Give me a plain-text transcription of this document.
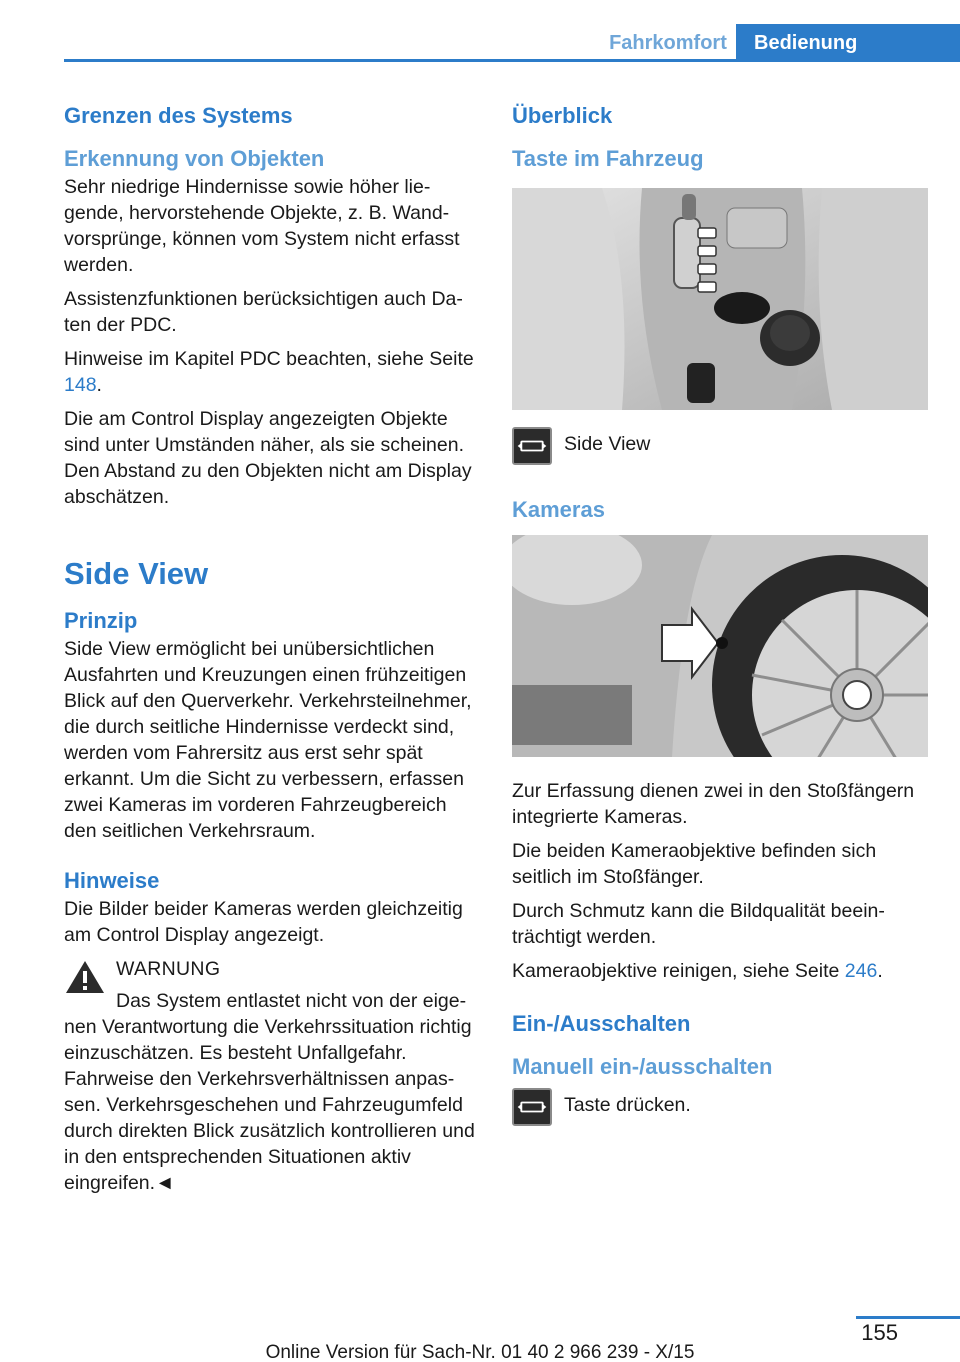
Fahrkomfort	Bedienung
Grenzen des Systems
Erkennung von Objekten

Sehr niedrige Hindernisse sowie höher liegende, hervorstehende Objekte, z. B. Wandvorsprünge, können vom System nicht erfasst werden.

Assistenzfunktionen berücksichtigen auch Daten der PDC.

Hinweise im Kapitel PDC beachten, siehe Seite 148.

Die am Control Display angezeigten Objekte sind unter Umständen näher, als sie scheinen. Den Abstand zu den Objekten nicht am Display abschätzen.

Side View
Prinzip

Side View ermöglicht bei unübersichtlichen Ausfahrten und Kreuzungen einen frühzeitigen Blick auf den Querverkehr. Verkehrsteilnehmer, die durch seitliche Hindernisse verdeckt sind, werden vom Fahrersitz aus erst sehr spät erkannt. Um die Sicht zu verbessern, erfassen zwei Kameras im vorderen Fahrzeugbereich den seitlichen Verkehrsraum.

Hinweise

Die Bilder beider Kameras werden gleichzeitig am Control Display angezeigt.

WARNUNG

Das System entlastet nicht von der eigenen Verantwortung die Verkehrssituation richtig einzuschätzen. Es besteht Unfallgefahr. Fahrweise den Verkehrsverhältnissen anpassen. Verkehrsgeschehen und Fahrzeugumfeld durch direkten Blick zusätzlich kontrollieren und in den entsprechenden Situationen aktiv eingreifen.◄

Überblick
Taste im Fahrzeug
Side View
Kameras

Zur Erfassung dienen zwei in den Stoßfängern integrierte Kameras.

Die beiden Kameraobjektive befinden sich seitlich im Stoßfänger.

Durch Schmutz kann die Bildqualität beeinträchtigt werden.

Kameraobjektive reinigen, siehe Seite 246.

Ein-/Ausschalten
Manuell ein-/ausschalten
Taste drücken.
155
Online Version für Sach-Nr. 01 40 2 966 239 - X/15
